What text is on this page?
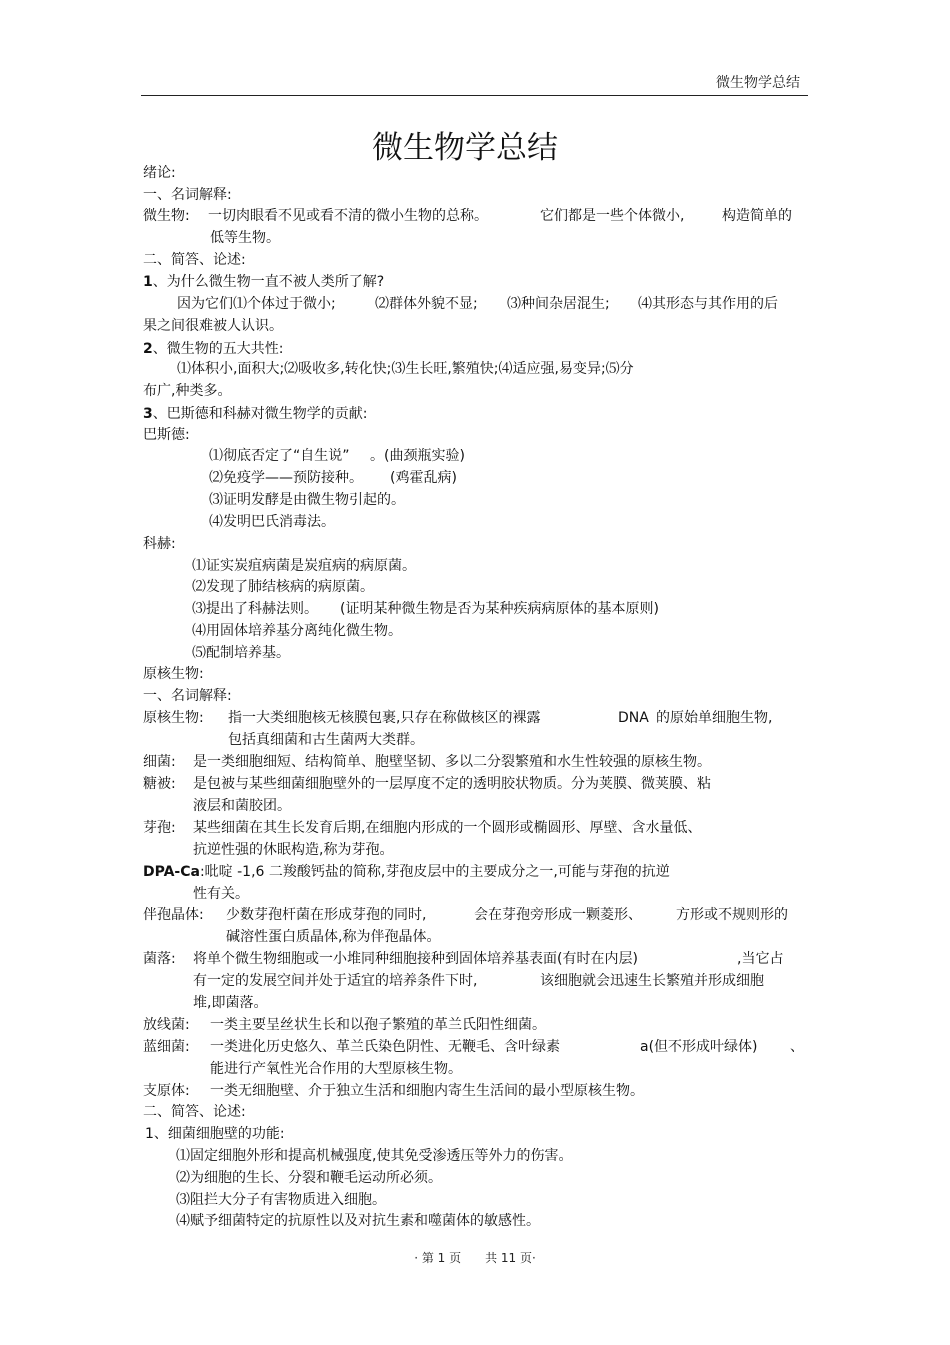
微生物学总结
微生物学总结
绪论:
一、名词解释:
微生物: 一切肉眼看不见或看不清的微小生物的总称。	它们都是一些个体微小,	构造简单的
低等生物。
二、简答、论述:
1、为什么微生物一直不被人类所了解?
因为它们⑴个体过于微小;	⑵群体外貌不显; ⑶种间杂居混生; ⑷其形态与其作用的后
果之间很难被人认识。
2、微生物的五大共性:
⑴体积小,面积大;⑵吸收多,转化快;⑶生长旺,繁殖快;⑷适应强,易变异;⑸分
布广,种类多。
3、巴斯德和科赫对微生物学的贡献:
巴斯德:
⑴彻底否定了“自生说” 。(曲颈瓶实验)
⑵免疫学——预防接种。 (鸡霍乱病)
⑶证明发酵是由微生物引起的。
⑷发明巴氏消毒法。
科赫:
⑴证实炭疽病菌是炭疽病的病原菌。
⑵发现了肺结核病的病原菌。
⑶提出了科赫法则。 (证明某种微生物是否为某种疾病病原体的基本原则)
⑷用固体培养基分离纯化微生物。
⑸配制培养基。
原核生物:
一、名词解释:
原核生物: 指一大类细胞核无核膜包裹,只存在称做核区的裸露	DNA 的原始单细胞生物,
包括真细菌和古生菌两大类群。
细菌: 是一类细胞细短、结构简单、胞壁坚韧、多以二分裂繁殖和水生性较强的原核生物。
糖被: 是包被与某些细菌细胞壁外的一层厚度不定的透明胶状物质。分为荚膜、微荚膜、粘
液层和菌胶团。
芽孢: 某些细菌在其生长发育后期,在细胞内形成的一个圆形或椭圆形、厚壁、含水量低、
抗逆性强的休眠构造,称为芽孢。
DPA-Ca:吡啶 -1,6 二羧酸钙盐的简称,芽孢皮层中的主要成分之一,可能与芽孢的抗逆
性有关。
伴孢晶体: 少数芽孢杆菌在形成芽孢的同时,	会在芽孢旁形成一颗菱形、 方形或不规则形的
碱溶性蛋白质晶体,称为伴孢晶体。
菌落: 将单个微生物细胞或一小堆同种细胞接种到固体培养基表面(有时在内层)	,当它占
有一定的发展空间并处于适宜的培养条件下时,	该细胞就会迅速生长繁殖并形成细胞
堆,即菌落。
放线菌: 一类主要呈丝状生长和以孢子繁殖的革兰氏阳性细菌。
蓝细菌: 一类进化历史悠久、革兰氏染色阴性、无鞭毛、含叶绿素	a(但不形成叶绿体) 、
能进行产氧性光合作用的大型原核生物。
支原体: 一类无细胞壁、介于独立生活和细胞内寄生生活间的最小型原核生物。
二、简答、论述:
1、细菌细胞壁的功能:
⑴固定细胞外形和提高机械强度,使其免受渗透压等外力的伤害。
⑵为细胞的生长、分裂和鞭毛运动所必须。
⑶阻拦大分子有害物质进入细胞。
⑷赋予细菌特定的抗原性以及对抗生素和噬菌体的敏感性。
· 第 1 页　　共 11 页·
